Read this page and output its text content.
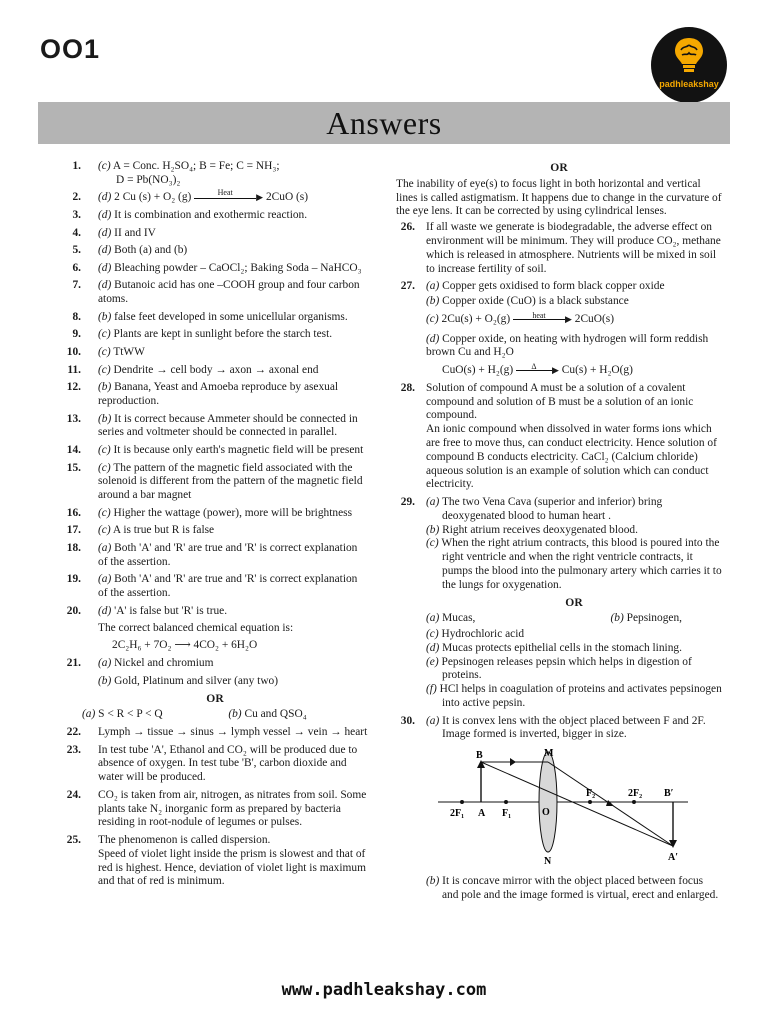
OO1
padhleakshay
Answers
1. (c) A = Conc. H₂SO₄; B = Fe; C = NH₃;
D = Pb(NO₃)₂
2. (d) 2 Cu (s) + O₂ (g)	Heat	▶ 2CuO (s)
3. (d) It is combination and exothermic reaction.
4. (d) II and IV
5. (d) Both (a) and (b)
6. (d) Bleaching powder – CaOCl₂; Baking Soda – NaHCO₃
7. (d) Butanoic acid has one –COOH group and four carbon atoms.
8. (b) false feet developed in some unicellular organisms.
9. (c) Plants are kept in sunlight before the starch test.
10. (c) TtWW
11. (c) Dendrite → cell body → axon → axonal end
12. (b) Banana, Yeast and Amoeba reproduce by asexual reproduction.
13. (b) It is correct because Ammeter should be connected in series and voltmeter should be connected in parallel.
14. (c) It is because only earth's magnetic field will be present
15. (c) The pattern of the magnetic field associated with the solenoid is different from the pattern of the magnetic field around a bar magnet
16. (c) Higher the wattage (power), more will be brightness
17. (c) A is true but R is false
18. (a) Both 'A' and 'R' are true and 'R' is correct explanation of the assertion.
19. (a) Both 'A' and 'R' are true and 'R' is correct explanation of the assertion.
20. (d) 'A' is false but 'R' is true.
The correct balanced chemical equation is:
2C₂H₆ + 7O₂ ⟶ 4CO₂ + 6H₂O
21. (a) Nickel and chromium
(b) Gold, Platinum and silver (any two)
OR
(a) S < R < P < Q	(b) Cu and QSO₄
22. Lymph → tissue → sinus → lymph vessel → vein → heart
23. In test tube 'A', Ethanol and CO₂ will be produced due to absence of oxygen. In test tube 'B', carbon dioxide and water will be produced.
24. CO₂ is taken from air, nitrogen, as nitrates from soil. Some plants take N₂ inorganic form as prepared by bacteria residing in root-nodule of legumes or pulses.
25. The phenomenon is called dispersion.
Speed of violet light inside the prism is slowest and that of red is highest. Hence, deviation of violet light is maximum and that of red is minimum.
OR
The inability of eye(s) to focus light in both horizontal and vertical lines is called astigmatism. It happens due to change in the curvature of the eye lens. It can be corrected by using cylindrical lenses.
26. If all waste we generate is biodegradable, the adverse effect on environment will be minimum. They will produce CO₂, methane which is released in atmosphere. Nutrients will be mixed in soil to increase fertility of soil.
27. (a) Copper gets oxidised to form black copper oxide
(b) Copper oxide (CuO) is a black substance
(c) 2Cu(s) + O₂(g)	heat	▶ 2CuO(s)
(d) Copper oxide, on heating with hydrogen will form reddish brown Cu and H₂O
CuO(s) + H₂(g)	Δ	▶ Cu(s) + H₂O(g)
28. Solution of compound A must be a solution of a covalent compound and solution of B must be a solution of an ionic compound.
An ionic compound when dissolved in water forms ions which are free to move thus, can conduct electricity. Hence solution of compound B conducts electricity. CaCl₂ (Calcium chloride) aqueous solution is an example of solution which can conduct electricity.
29. (a) The two Vena Cava (superior and inferior) bring deoxygenated blood to human heart .
(b) Right atrium receives deoxygenated blood.
(c) When the right atrium contracts, this blood is poured into the right ventricle and when the right ventricle contracts, it pumps the blood into the pulmonary artery which carries it to the lungs for oxygenation.
OR
(a) Mucas,	(b) Pepsinogen,
(c) Hydrochloric acid
(d) Mucas protects epithelial cells in the stomach lining.
(e) Pepsinogen releases pepsin which helps in digestion of proteins.
(f) HCl helps in coagulation of proteins and activates pepsinogen into active pepsin.
30. (a) It is convex lens with the object placed between F and 2F. Image formed is inverted, bigger in size.
B	M
F₂	2F₂ B′
2F₁ A F₁	O
N	A′
(b) It is concave mirror with the object placed between focus and pole and the image formed is virtual, erect and enlarged.
www.padhleakshay.com
